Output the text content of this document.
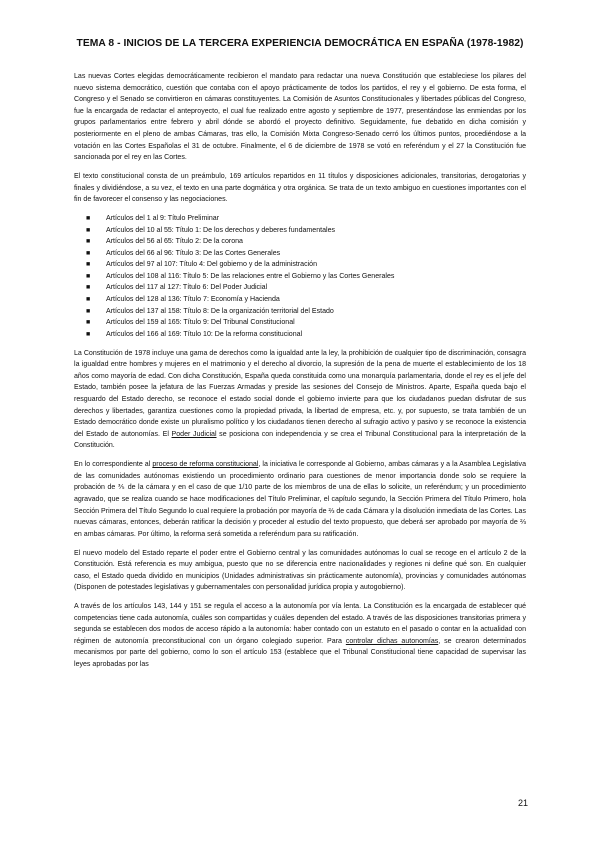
TEMA 8 - INICIOS DE LA TERCERA EXPERIENCIA DEMOCRÁTICA EN ESPAÑA (1978-1982)

Las nuevas Cortes elegidas democráticamente recibieron el mandato para redactar una nueva Constitución que estableciese los pilares del nuevo sistema democrático, cuestión que contaba con el apoyo prácticamente de todos los partidos, el rey y el gobierno. De esta forma, el Congreso y el Senado se convirtieron en cámaras constituyentes. La Comisión de Asuntos Constitucionales y libertades públicas del Congreso, fue la encargada de redactar el anteproyecto, el cual fue realizado entre agosto y septiembre de 1977, presentándose las enmiendas por los grupos parlamentarios entre febrero y abril dónde se abordó el proyecto definitivo. Seguidamente, fue debatido en dicha comisión y posteriormente en el pleno de ambas Cámaras, tras ello, la Comisión Mixta Congreso-Senado cerró los últimos puntos, procediéndose a la votación en las Cortes Españolas el 31 de octubre. Finalmente, el 6 de diciembre de 1978 se votó en referéndum y el 27 la Constitución fue sancionada por el rey en las Cortes.

El texto constitucional consta de un preámbulo, 169 artículos repartidos en 11 títulos y disposiciones adicionales, transitorias, derogatorias y finales y dividiéndose, a su vez, el texto en una parte dogmática y otra orgánica. Se trata de un texto ambiguo en cuestiones importantes con el fin de favorecer el consenso y las negociaciones.

■ Artículos del 1 al 9: Título Preliminar
■ Artículos del 10 al 55: Título 1: De los derechos y deberes fundamentales
■ Artículos del 56 al 65: Título 2: De la corona
■ Artículos del 66 al 96: Título 3: De las Cortes Generales
■ Artículos del 97 al 107: Título 4: Del gobierno y de la administración
■ Artículos del 108 al 116: Título 5: De las relaciones entre el Gobierno y las Cortes Generales
■ Artículos del 117 al 127: Título 6: Del Poder Judicial
■ Artículos del 128 al 136: Título 7: Economía y Hacienda
■ Artículos del 137 al 158: Título 8: De la organización territorial del Estado
■ Artículos del 159 al 165: Título 9: Del Tribunal Constitucional
■ Artículos del 166 al 169: Título 10: De la reforma constitucional

La Constitución de 1978 incluye una gama de derechos como la igualdad ante la ley, la prohibición de cualquier tipo de discriminación, consagra la igualdad entre hombres y mujeres en el matrimonio y el derecho al divorcio, la supresión de la pena de muerte el establecimiento de los 18 años como mayoría de edad. Con dicha Constitución, España queda constituida como una monarquía parlamentaria, donde el rey es el jefe del Estado, también posee la jefatura de las Fuerzas Armadas y preside las sesiones del Consejo de Ministros. Aparte, España queda bajo el resguardo del Estado derecho, se reconoce el estado social donde el gobierno invierte para que los ciudadanos puedan disfrutar de sus derechos y libertades, garantiza cuestiones como la propiedad privada, la libertad de empresa, etc. y, por supuesto, se trata también de un Estado democrático donde existe un pluralismo político y los ciudadanos tienen derecho al sufragio activo y pasivo y se reconoce la existencia del Estado de autonomías. El Poder Judicial se posiciona con independencia y se crea el Tribunal Constitucional para la interpretación de la Constitución.

En lo correspondiente al proceso de reforma constitucional, la iniciativa le corresponde al Gobierno, ambas cámaras y a la Asamblea Legislativa de las comunidades autónomas existiendo un procedimiento ordinario para cuestiones de menor importancia donde solo se requiere la probación de ⅗ de la cámara y en el caso de que 1/10 parte de los miembros de una de ellas lo solicite, un referéndum; y un procedimiento agravado, que se realiza cuando se hace modificaciones del Título Preliminar, el capítulo segundo, la Sección Primera del Título Primero, hola Sección Primera del Título Segundo lo cual requiere la probación por mayoría de ⅔ de cada Cámara y la disolución inmediata de las Cortes. Las nuevas cámaras, entonces, deberán ratificar la decisión y proceder al estudio del texto propuesto, que deberá ser aprobado por mayoría de ⅔ en ambas cámaras. Por último, la reforma será sometida a referéndum para su ratificación.

El nuevo modelo del Estado reparte el poder entre el Gobierno central y las comunidades autónomas lo cual se recoge en el artículo 2 de la Constitución. Está referencia es muy ambigua, puesto que no se diferencia entre nacionalidades y regiones ni define qué son. En cualquier caso, el Estado queda dividido en municipios (Unidades administrativas sin prácticamente autonomía), provincias y comunidades autónomas (Disponen de potestades legislativas y gubernamentales con personalidad jurídica propia y autogobierno).

A través de los artículos 143, 144 y 151 se regula el acceso a la autonomía por vía lenta. La Constitución es la encargada de establecer qué competencias tiene cada autonomía, cuáles son compartidas y cuáles dependen del estado. A través de las disposiciones transitorias primera y segunda se establecen dos modos de acceso rápido a la autonomía: haber contado con un estatuto en el pasado o contar en la actualidad con régimen de autonomía preconstitucional con un órgano colegiado superior. Para controlar dichas autonomías, se crearon determinados mecanismos por parte del gobierno, como lo son el artículo 153 (establece que el Tribunal Constitucional tiene capacidad de supervisar las leyes aprobadas por las

21
